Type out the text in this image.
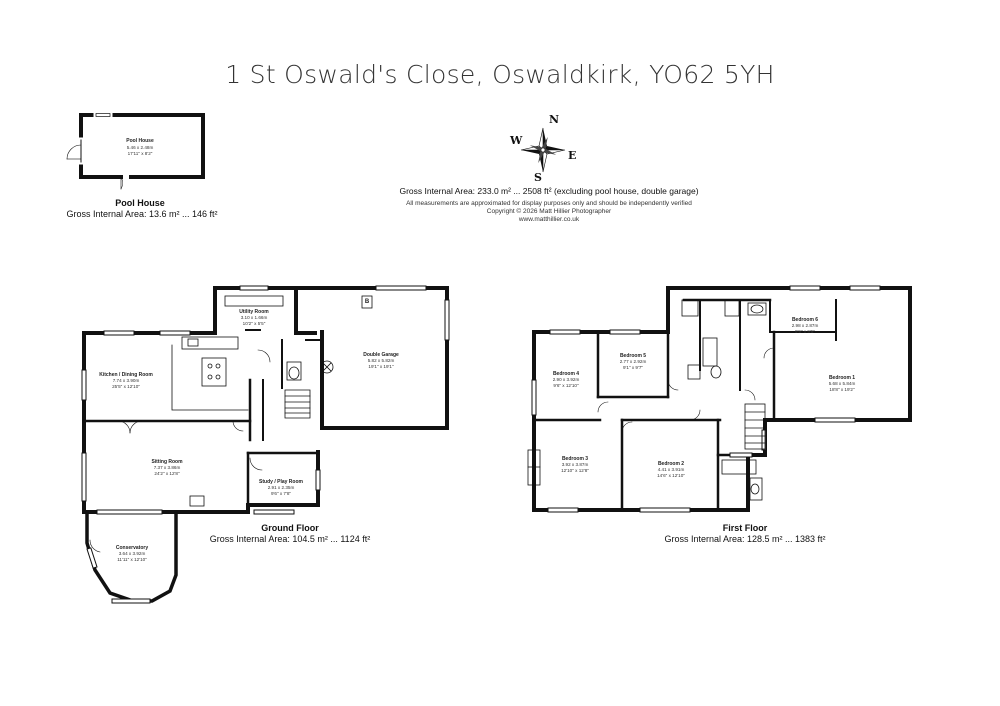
1 St Oswald's Close, Oswaldkirk, YO62 5YH
N
E
S
W
Gross Internal Area: 233.0 m² ... 2508 ft² (excluding pool house, double garage)
All measurements are approximated for display purposes only and should be independently verified
Copyright © 2026 Matt Hillier Photographer
www.matthillier.co.uk
Pool House
5.46 x 2.48m
17'11" x 8'2"
Pool House
Gross Internal Area: 13.6 m² ... 146 ft²
Utility Room
3.10 x 1.66m
10'2" x 5'5"
Kitchen / Dining Room
7.74 x 3.90m
25'5" x 12'10"
Double Garage
5.82 x 5.82m
19'1" x 19'1"
Sitting Room
7.37 x 3.86m
24'2" x 12'8"
Study / Play Room
2.91 x 2.35m
9'6" x 7'8"
Conservatory
3.64 x 3.92m
11'11" x 12'10"
B
Ground Floor
Gross Internal Area: 104.5 m² ... 1124 ft²
Bedroom 4
2.90 x 3.92m
9'6" x 12'10"
Bedroom 5
2.77 x 2.92m
9'1" x 9'7"
Bedroom 6
2.98 x 2.87m
9'9" x 9'5"
Bedroom 1
5.68 x 5.84m
18'8" x 19'2"
Bedroom 3
3.92 x 3.87m
12'10" x 12'8"
Bedroom 2
4.41 x 3.91m
14'6" x 12'10"
First Floor
Gross Internal Area: 128.5 m² ... 1383 ft²
